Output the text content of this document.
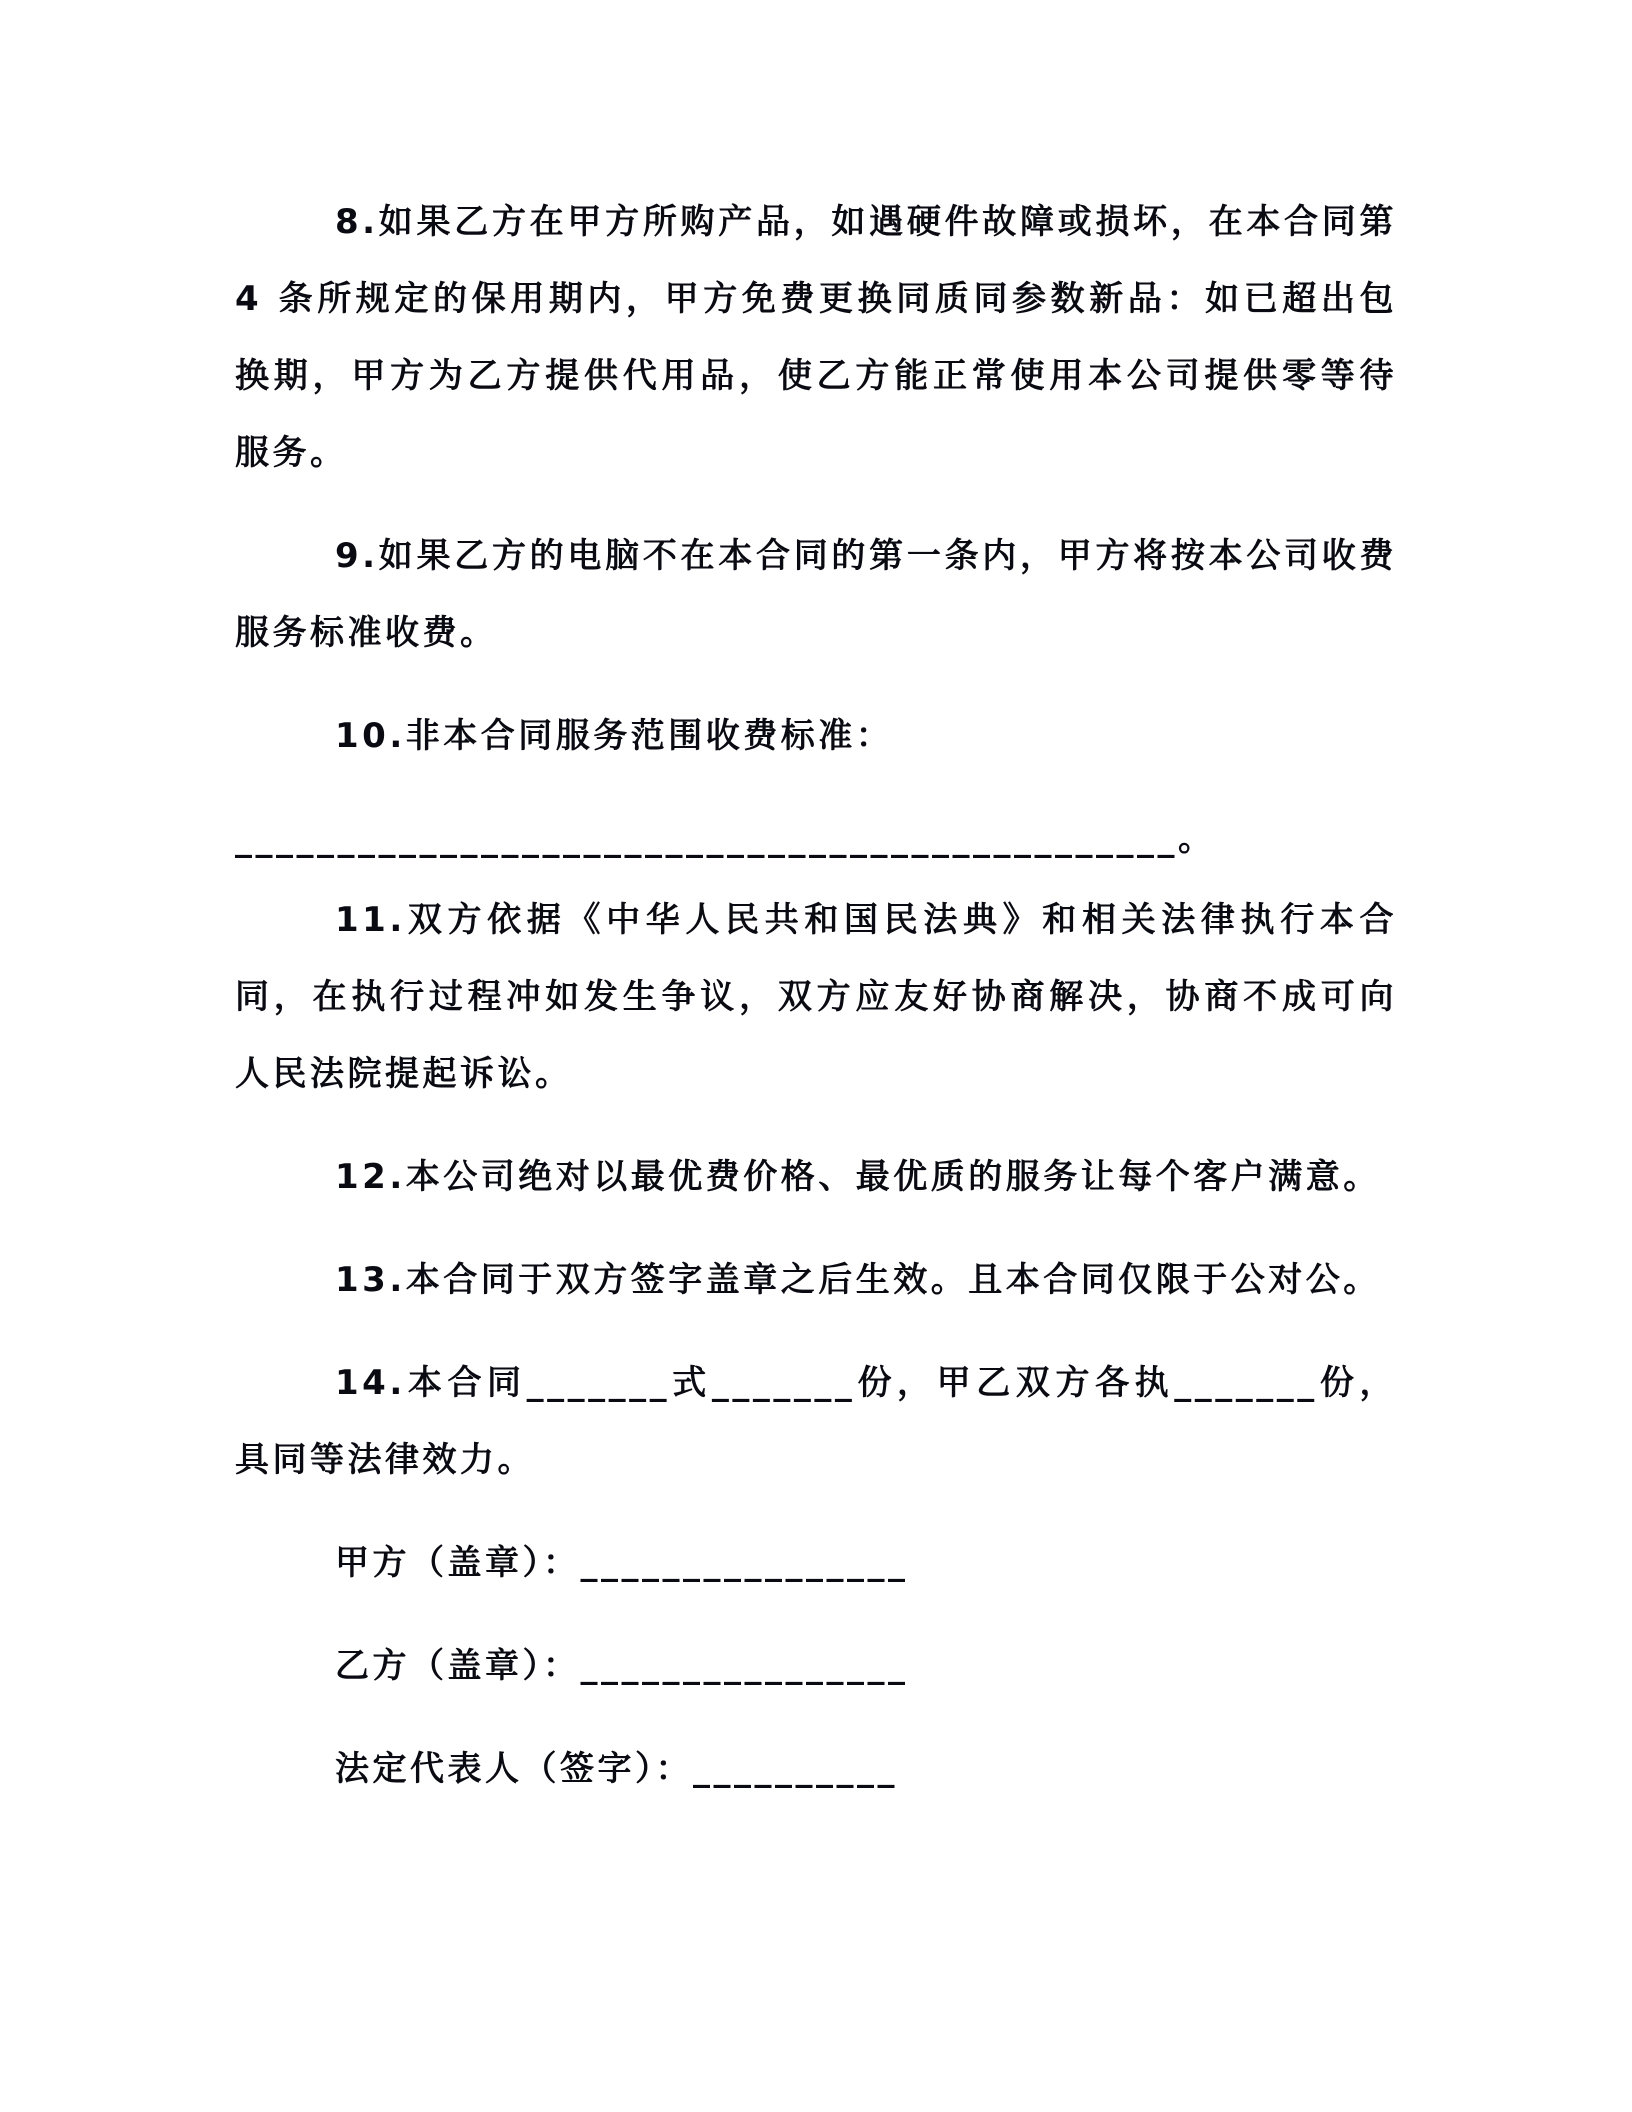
8.如果乙方在甲方所购产品，如遇硬件故障或损坏，在本合同第4 条所规定的保用期内，甲方免费更换同质同参数新品：如已超出包换期，甲方为乙方提供代用品，使乙方能正常使用本公司提供零等待服务。

9.如果乙方的电脑不在本合同的第一条内，甲方将按本公司收费服务标准收费。

10.非本合同服务范围收费标准：

______________________________________________。

11.双方依据《中华人民共和国民法典》和相关法律执行本合同，在执行过程冲如发生争议，双方应友好协商解决，协商不成可向人民法院提起诉讼。

12.本公司绝对以最优费价格、最优质的服务让每个客户满意。

13.本合同于双方签字盖章之后生效。且本合同仅限于公对公。

14.本合同_______式_______份，甲乙双方各执_______份，具同等法律效力。

甲方（盖章）：________________

乙方（盖章）：________________

法定代表人（签字）：__________
